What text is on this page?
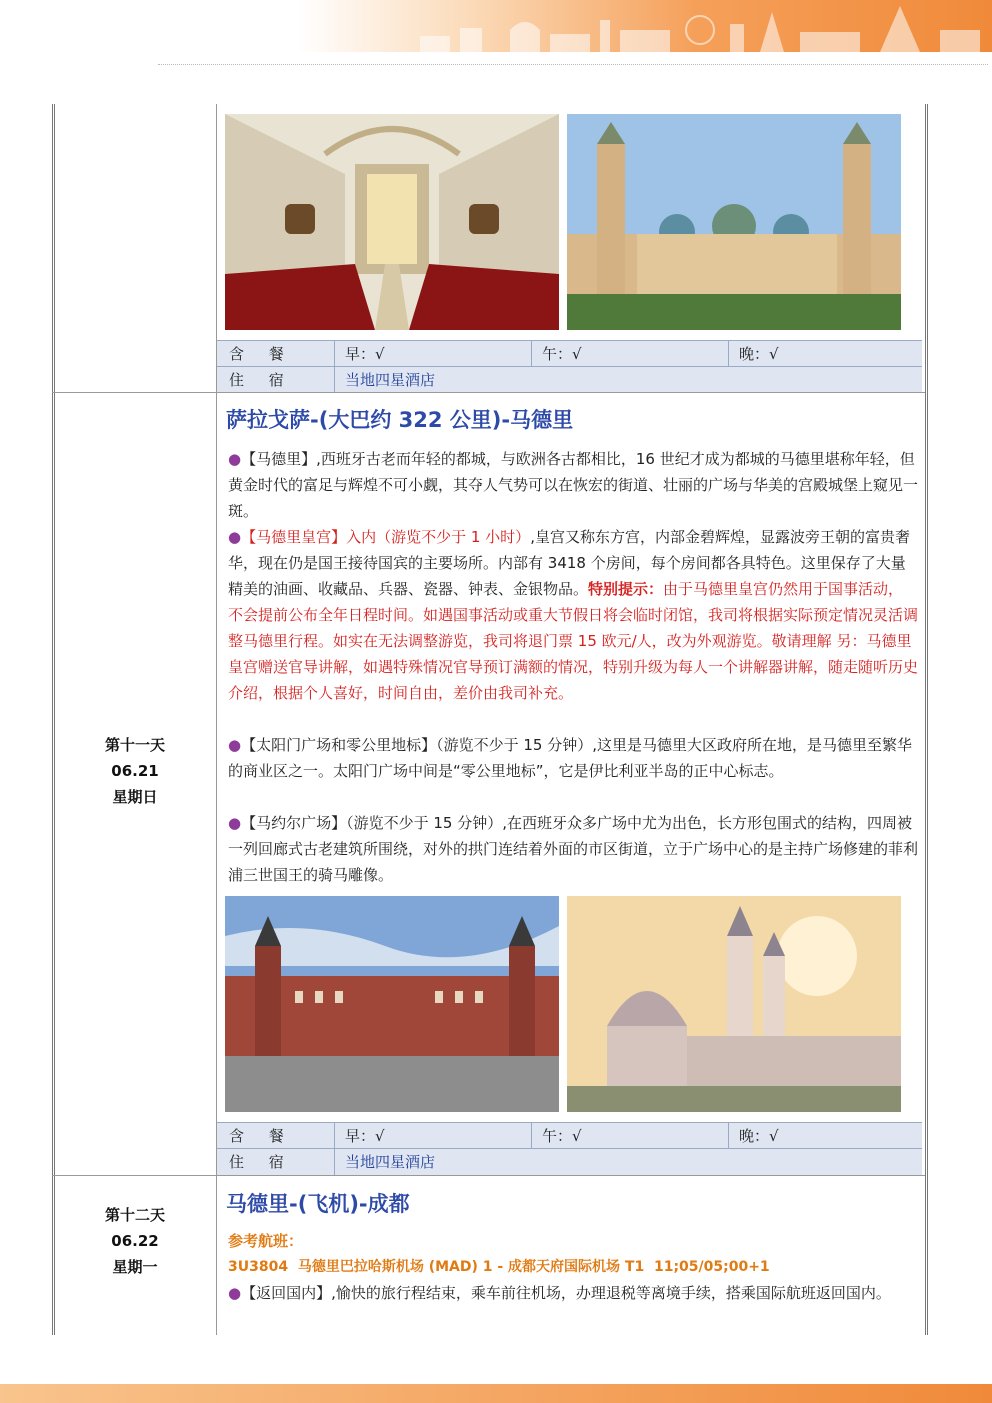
含 餐	早：√	午：√	晚：√
住 宿	当地四星酒店
第十一天
06.21
星期日
萨拉戈萨-(大巴约 322 公里)-马德里
●【马德里】,西班牙古老而年轻的都城，与欧洲各古都相比，16 世纪才成为都城的马德里堪称年轻，但黄金时代的富足与辉煌不可小觑，其夺人气势可以在恢宏的街道、壮丽的广场与华美的宫殿城堡上窥见一斑。
●【马德里皇宫】入内（游览不少于 1 小时）,皇宫又称东方宫，内部金碧辉煌，显露波旁王朝的富贵奢华，现在仍是国王接待国宾的主要场所。内部有 3418 个房间，每个房间都各具特色。这里保存了大量精美的油画、收藏品、兵器、瓷器、钟表、金银物品。特别提示：由于马德里皇宫仍然用于国事活动，不会提前公布全年日程时间。如遇国事活动或重大节假日将会临时闭馆，我司将根据实际预定情况灵活调整马德里行程。如实在无法调整游览，我司将退门票 15 欧元/人，改为外观游览。敬请理解 另：马德里皇宫赠送官导讲解，如遇特殊情况官导预订满额的情况，特别升级为每人一个讲解器讲解，随走随听历史介绍，根据个人喜好，时间自由，差价由我司补充。
●【太阳门广场和零公里地标】（游览不少于 15 分钟）,这里是马德里大区政府所在地，是马德里至繁华的商业区之一。太阳门广场中间是“零公里地标”，它是伊比利亚半岛的正中心标志。
●【马约尔广场】（游览不少于 15 分钟）,在西班牙众多广场中尤为出色，长方形包围式的结构，四周被一列回廊式古老建筑所围绕，对外的拱门连结着外面的市区街道，立于广场中心的是主持广场修建的菲利浦三世国王的骑马雕像。
含 餐	早：√	午：√	晚：√
住 宿	当地四星酒店
第十二天
06.22
星期一
马德里-(飞机)-成都
参考航班：
3U3804  马德里巴拉哈斯机场 (MAD) 1 - 成都天府国际机场 T1  11;05/05;00+1
●【返回国内】,愉快的旅行程结束，乘车前往机场，办理退税等离境手续，搭乘国际航班返回国内。
